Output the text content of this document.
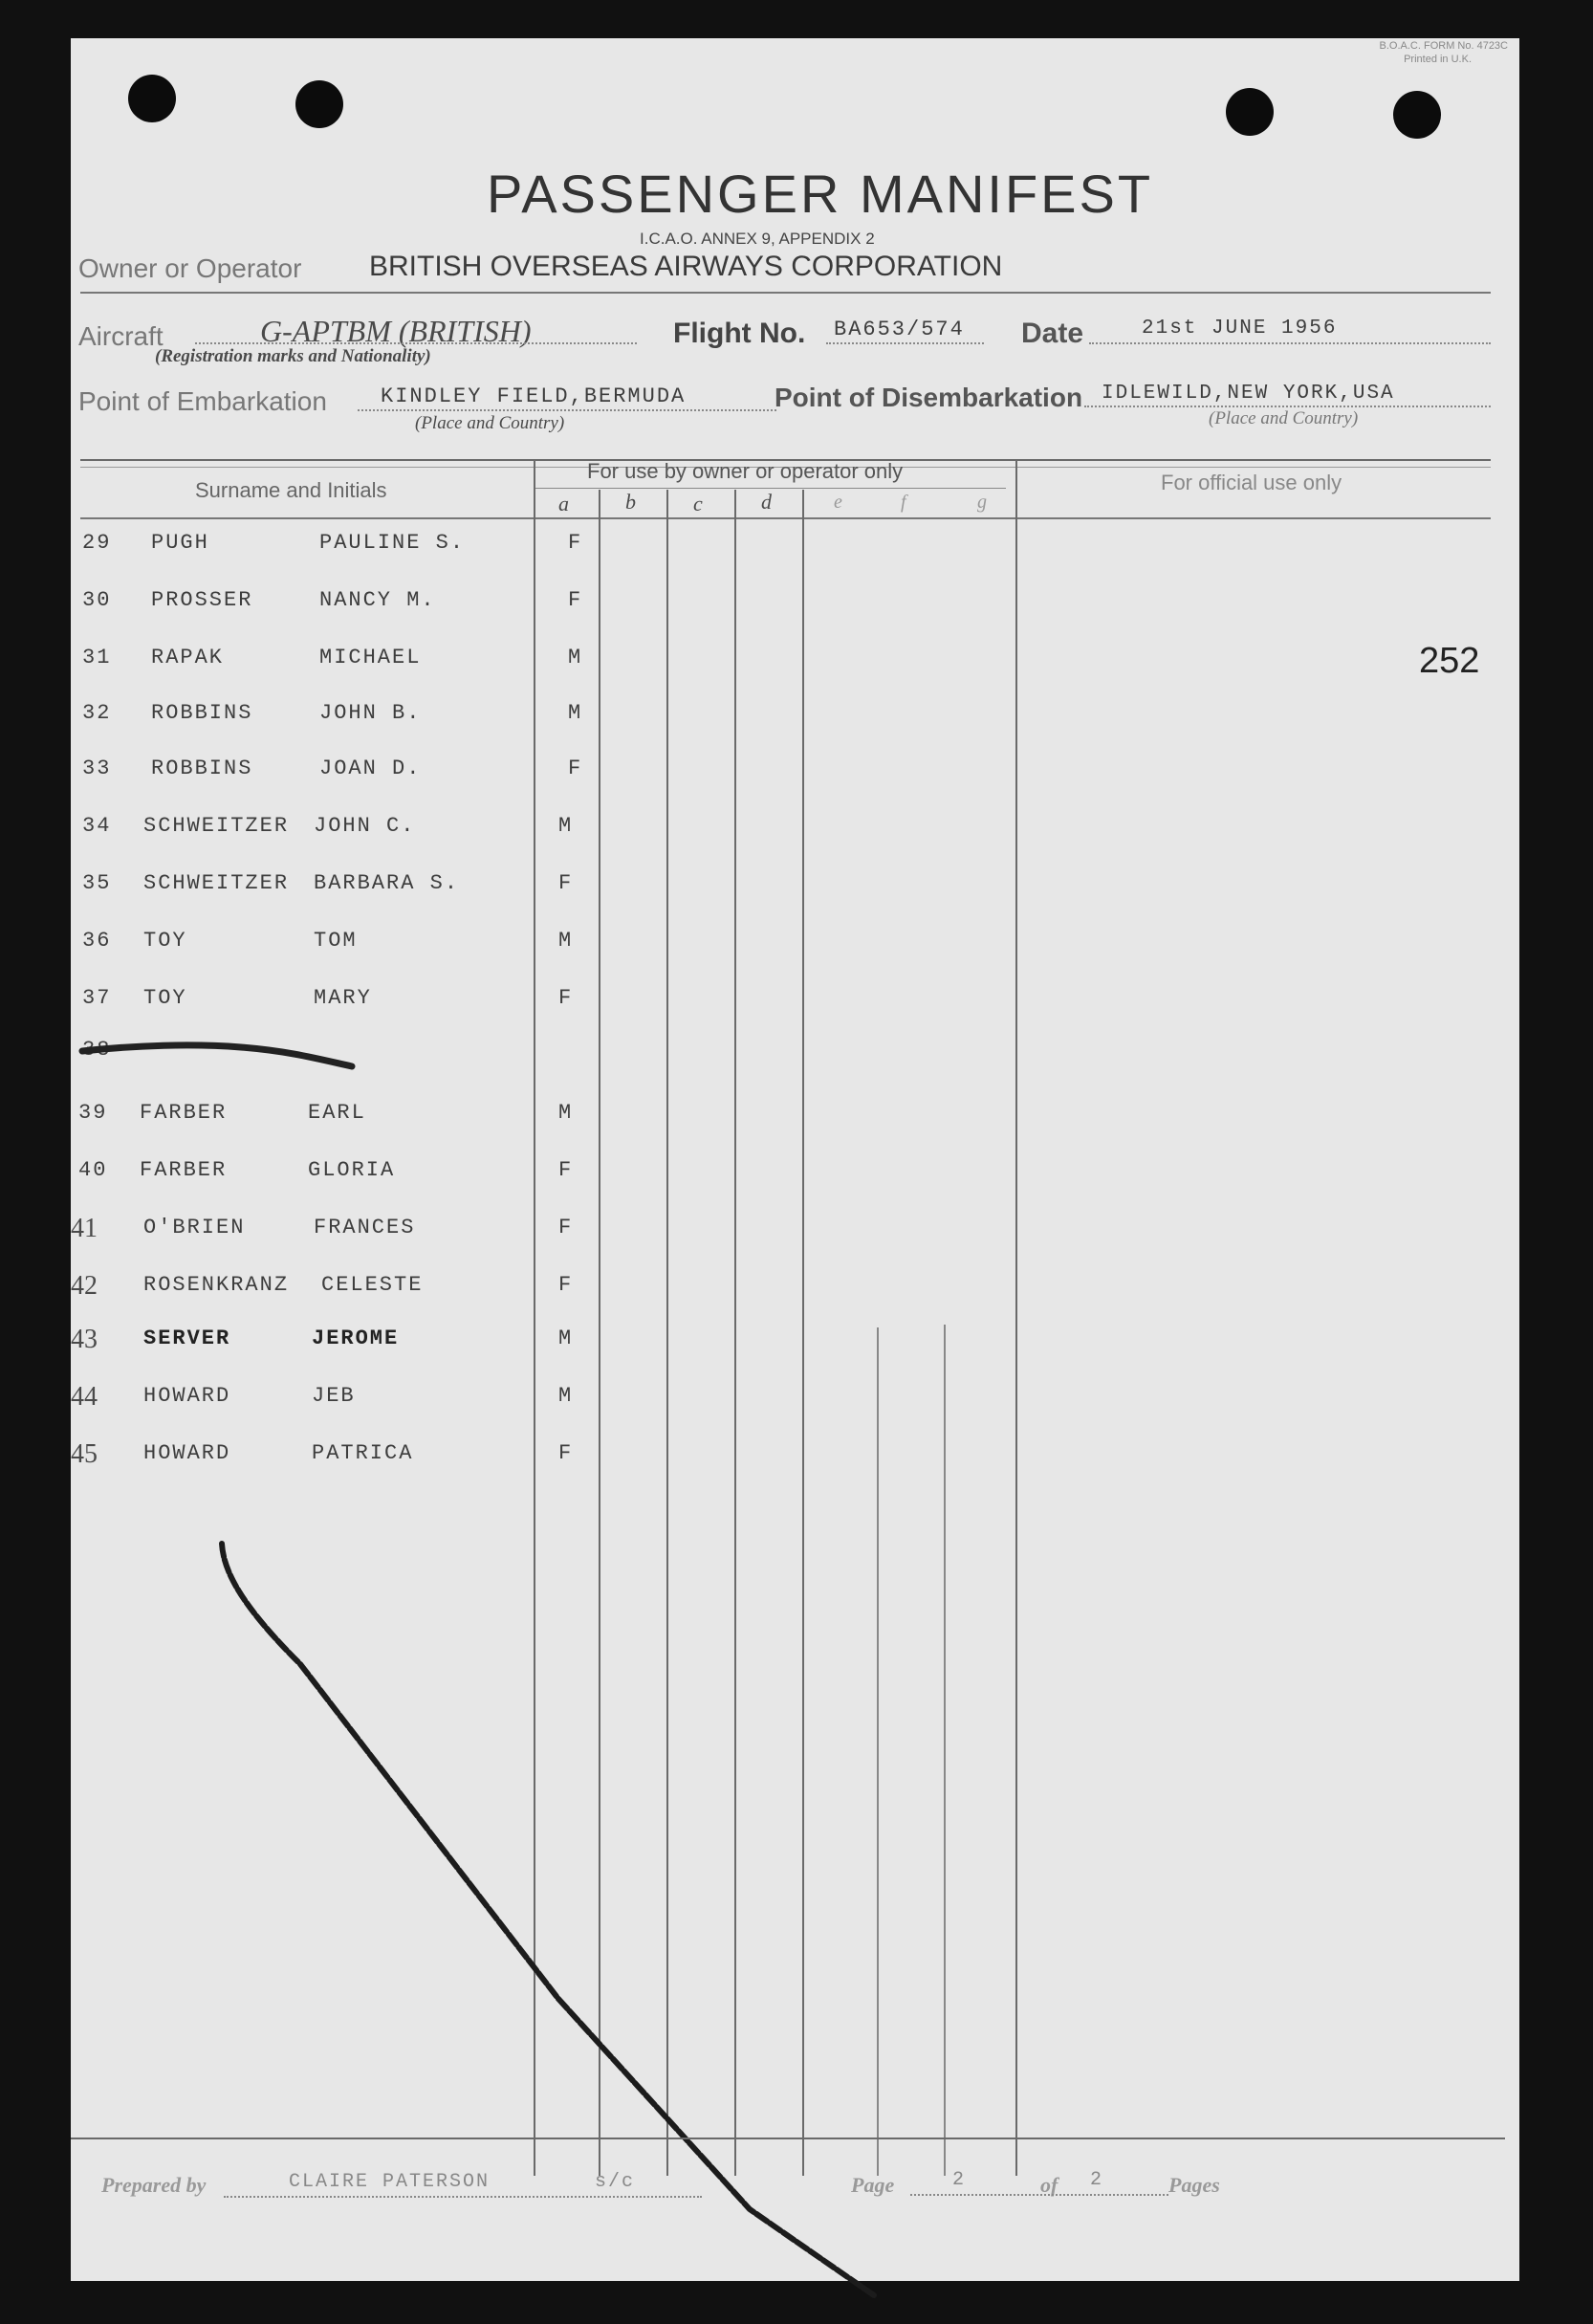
B.O.A.C. FORM No. 4723C
Printed in U.K.
PASSENGER MANIFEST
I.C.A.O. ANNEX 9, APPENDIX 2
Owner or Operator BRITISH OVERSEAS AIRWAYS CORPORATION
Aircraft	G-APTBM (BRITISH)
(Registration marks and Nationality)
Flight No. BA653/574 Date	21st JUNE 1956
Point of Embarkation	KINDLEY FIELD,BERMUDA
(Place and Country)
Point of Disembarkation IDLEWILD,NEW YORK,USA
(Place and Country)
Surname and Initials
For use by owner or operator only	For official use only
a	b	c	d	e	f	g
252
29 PUGH	PAULINE S.	F
30 PROSSER	NANCY M.	F
31 RAPAK	MICHAEL	M
32 ROBBINS	JOHN B.	M
33 ROBBINS	JOAN D.	F
34 SCHWEITZER JOHN C.	M
35 SCHWEITZER BARBARA S.	F
36 TOY	TOM	M
37 TOY	MARY	F
38
39 FARBER	EARL	M
40 FARBER	GLORIA	F
41 O'BRIEN	FRANCES	F
42 ROSENKRANZ CELESTE	F
43 SERVER	JEROME	M
44 HOWARD	JEB	M
45 HOWARD	PATRICA	F
Prepared by	CLAIRE PATERSON	s/c	Page	2	of 2	Pages
